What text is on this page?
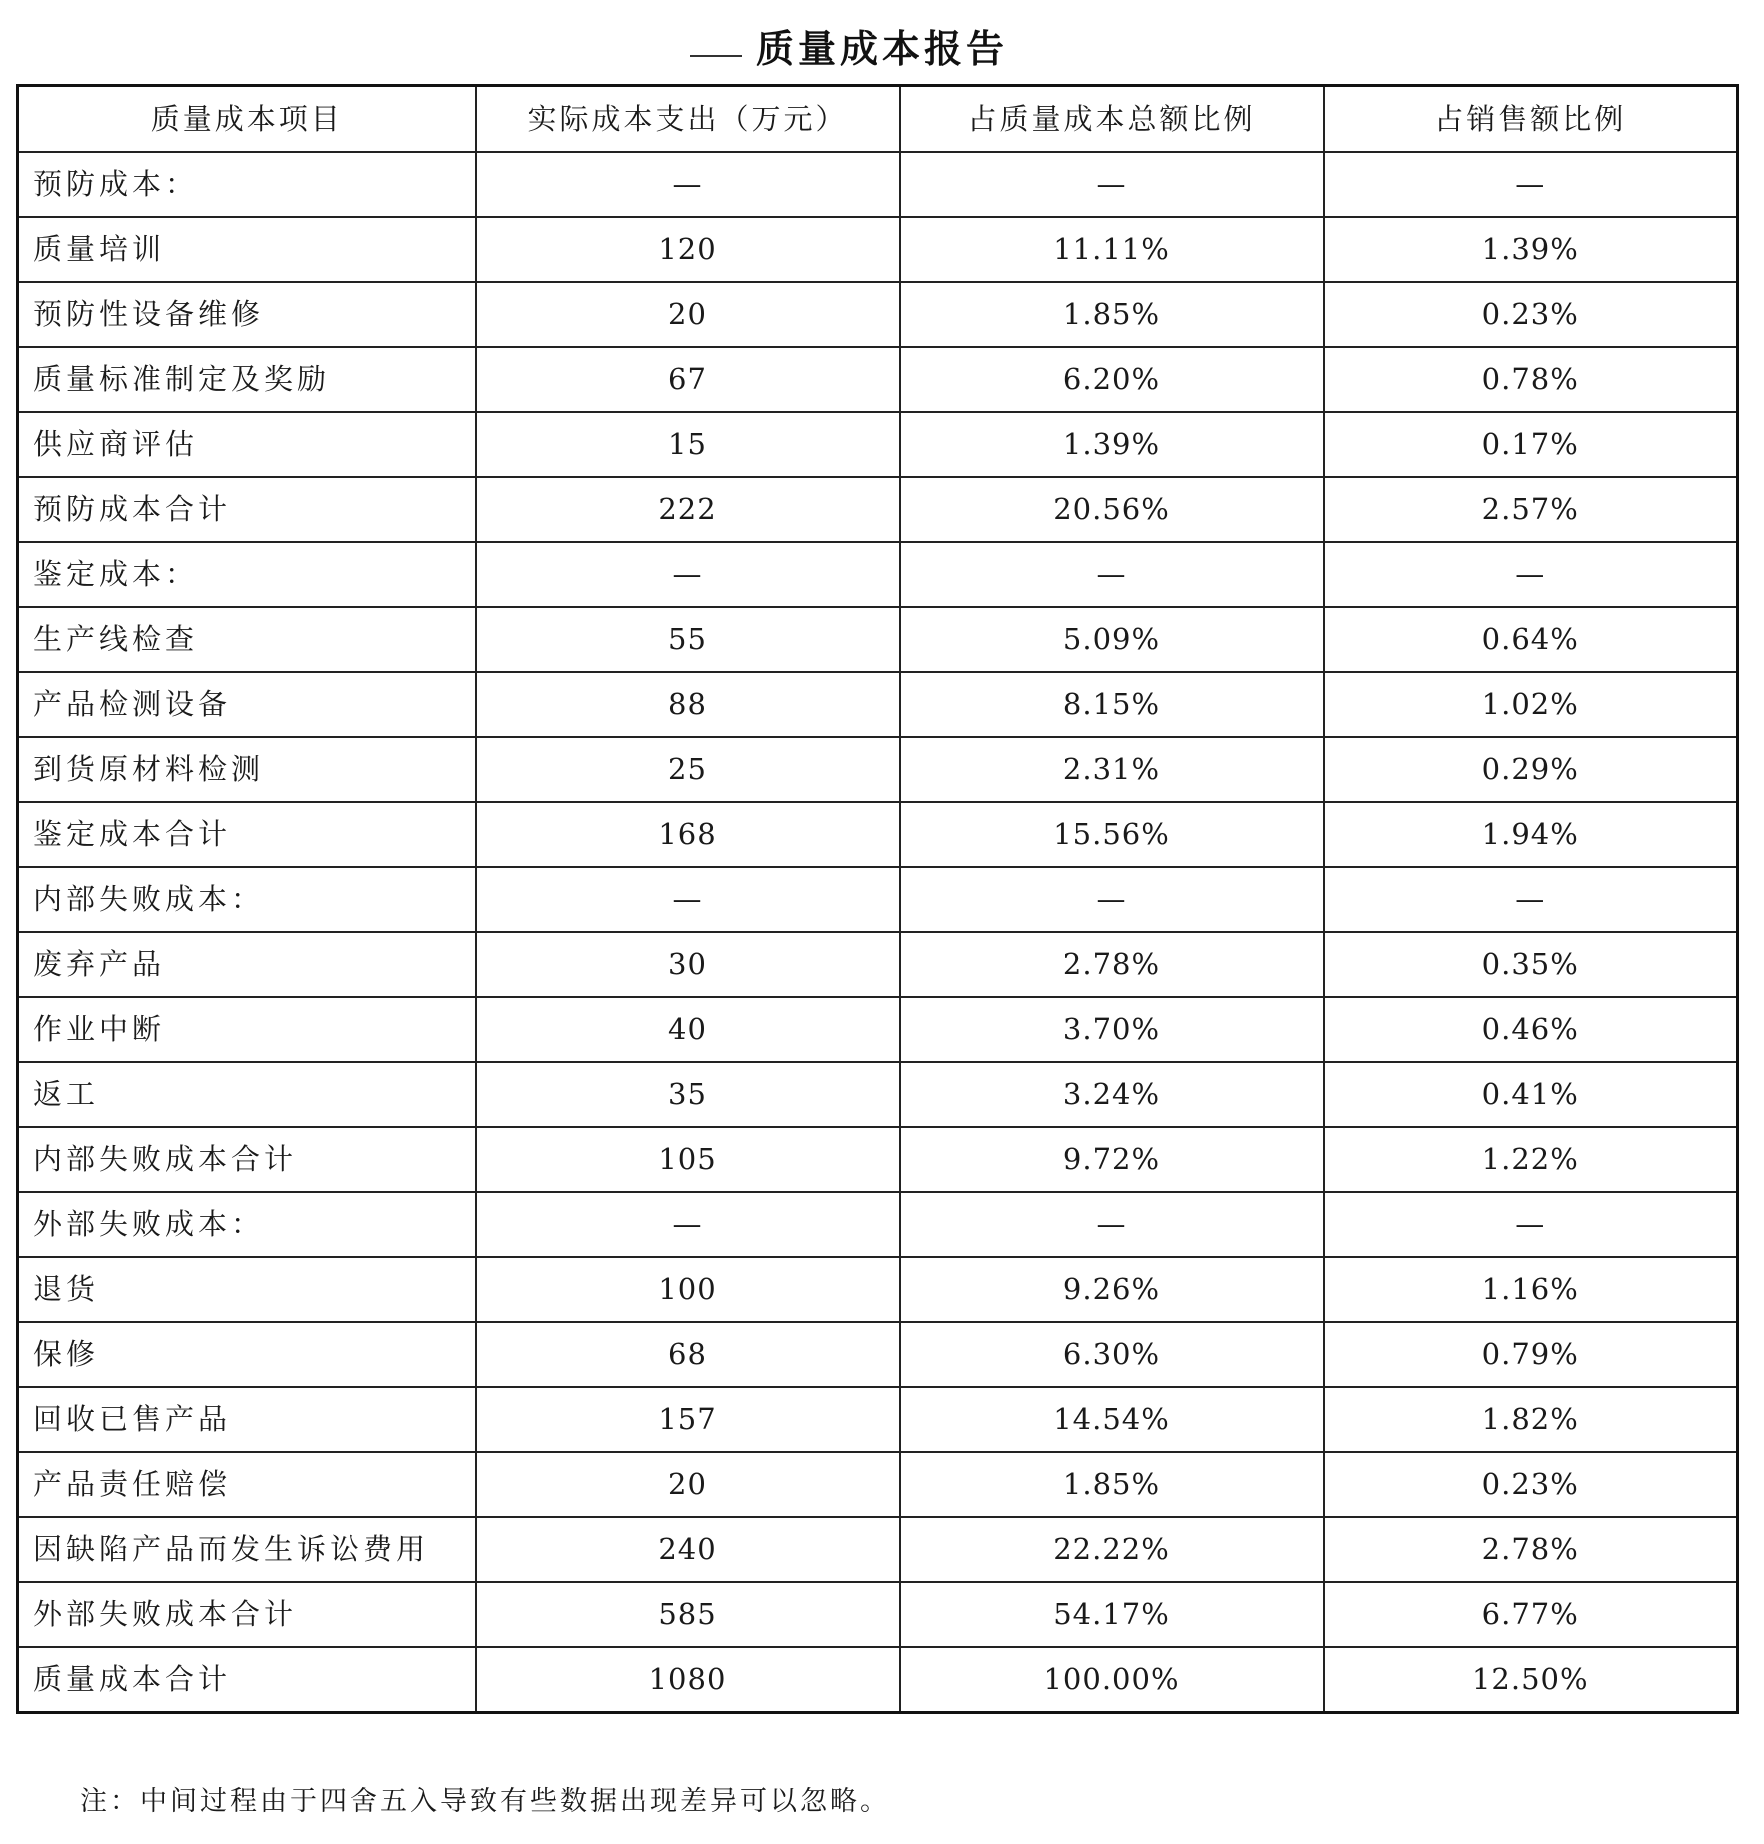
质量成本报告
质量成本项目	实际成本支出（万元）	占质量成本总额比例	占销售额比例
预防成本：	—	—	—
质量培训	120	11.11%	1.39%
预防性设备维修	20	1.85%	0.23%
质量标准制定及奖励	67	6.20%	0.78%
供应商评估	15	1.39%	0.17%
预防成本合计	222	20.56%	2.57%
鉴定成本：	—	—	—
生产线检查	55	5.09%	0.64%
产品检测设备	88	8.15%	1.02%
到货原材料检测	25	2.31%	0.29%
鉴定成本合计	168	15.56%	1.94%
内部失败成本：	—	—	—
废弃产品	30	2.78%	0.35%
作业中断	40	3.70%	0.46%
返工	35	3.24%	0.41%
内部失败成本合计	105	9.72%	1.22%
外部失败成本：	—	—	—
退货	100	9.26%	1.16%
保修	68	6.30%	0.79%
回收已售产品	157	14.54%	1.82%
产品责任赔偿	20	1.85%	0.23%
因缺陷产品而发生诉讼费用	240	22.22%	2.78%
外部失败成本合计	585	54.17%	6.77%
质量成本合计	1080	100.00%	12.50%
注：中间过程由于四舍五入导致有些数据出现差异可以忽略。
